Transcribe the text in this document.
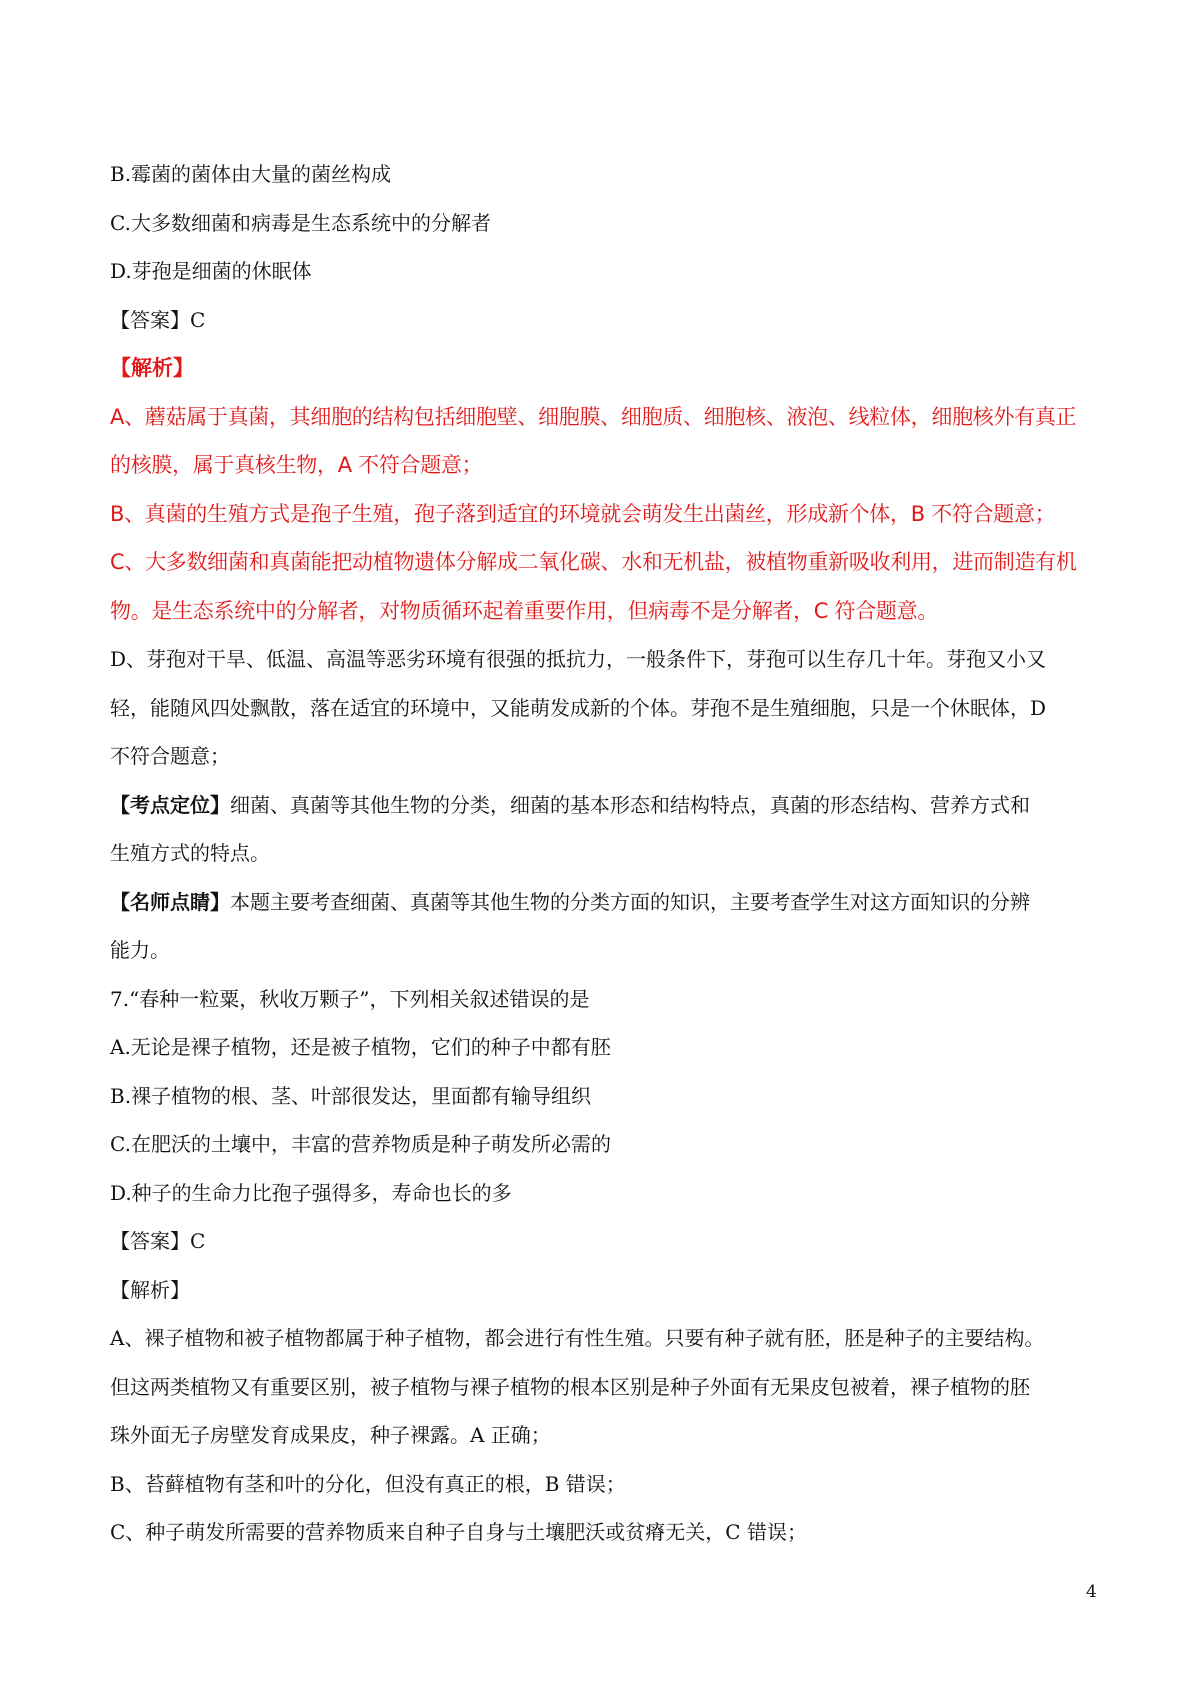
B.霉菌的菌体由大量的菌丝构成

C.大多数细菌和病毒是生态系统中的分解者

D.芽孢是细菌的休眠体

【答案】C

【解析】

A、蘑菇属于真菌，其细胞的结构包括细胞壁、细胞膜、细胞质、细胞核、液泡、线粒体，细胞核外有真正

的核膜，属于真核生物，A 不符合题意；

B、真菌的生殖方式是孢子生殖，孢子落到适宜的环境就会萌发生出菌丝，形成新个体，B 不符合题意；

C、大多数细菌和真菌能把动植物遗体分解成二氧化碳、水和无机盐，被植物重新吸收利用，进而制造有机

物。是生态系统中的分解者，对物质循环起着重要作用，但病毒不是分解者，C 符合题意。

D、芽孢对干旱、低温、高温等恶劣环境有很强的抵抗力，一般条件下，芽孢可以生存几十年。芽孢又小又

轻，能随风四处飘散，落在适宜的环境中，又能萌发成新的个体。芽孢不是生殖细胞，只是一个休眠体，D

不符合题意；

【考点定位】细菌、真菌等其他生物的分类，细菌的基本形态和结构特点，真菌的形态结构、营养方式和

生殖方式的特点。

【名师点睛】本题主要考查细菌、真菌等其他生物的分类方面的知识，主要考查学生对这方面知识的分辨

能力。

7.“春种一粒粟，秋收万颗子”，下列相关叙述错误的是

A.无论是裸子植物，还是被子植物，它们的种子中都有胚

B.裸子植物的根、茎、叶部很发达，里面都有输导组织

C.在肥沃的土壤中，丰富的营养物质是种子萌发所必需的

D.种子的生命力比孢子强得多，寿命也长的多

【答案】C

【解析】

A、裸子植物和被子植物都属于种子植物，都会进行有性生殖。只要有种子就有胚，胚是种子的主要结构。

但这两类植物又有重要区别，被子植物与裸子植物的根本区别是种子外面有无果皮包被着，裸子植物的胚

珠外面无子房壁发育成果皮，种子裸露。A 正确；

B、苔藓植物有茎和叶的分化，但没有真正的根，B 错误；

C、种子萌发所需要的营养物质来自种子自身与土壤肥沃或贫瘠无关，C 错误；

4
